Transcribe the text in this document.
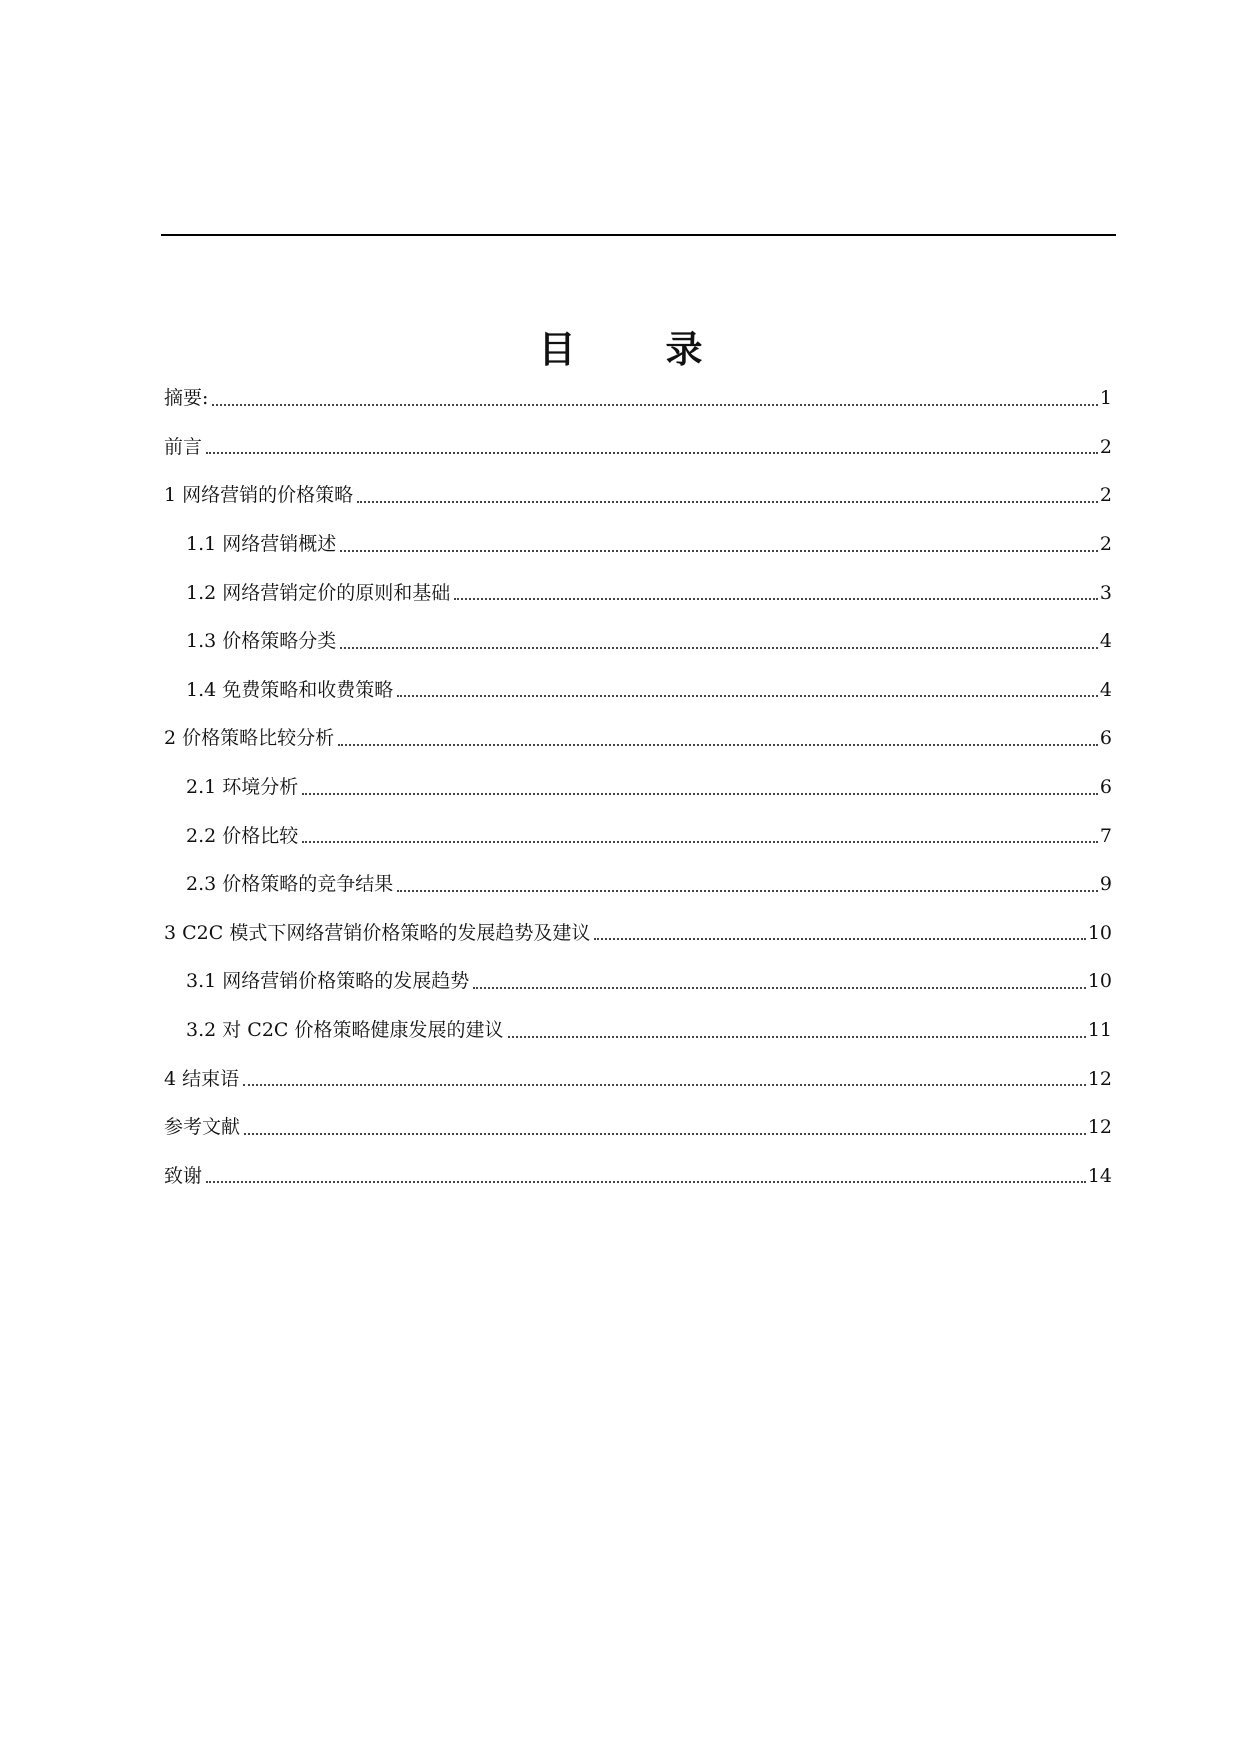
目 录
摘要:	1
前言	2
1 网络营销的价格策略	2
1.1 网络营销概述	2
1.2 网络营销定价的原则和基础	3
1.3 价格策略分类	4
1.4 免费策略和收费策略	4
2 价格策略比较分析	6
2.1 环境分析	6
2.2 价格比较	7
2.3 价格策略的竞争结果	9
3 C2C 模式下网络营销价格策略的发展趋势及建议	10
3.1 网络营销价格策略的发展趋势	10
3.2 对 C2C 价格策略健康发展的建议	11
4 结束语	12
参考文献	12
致谢	14
